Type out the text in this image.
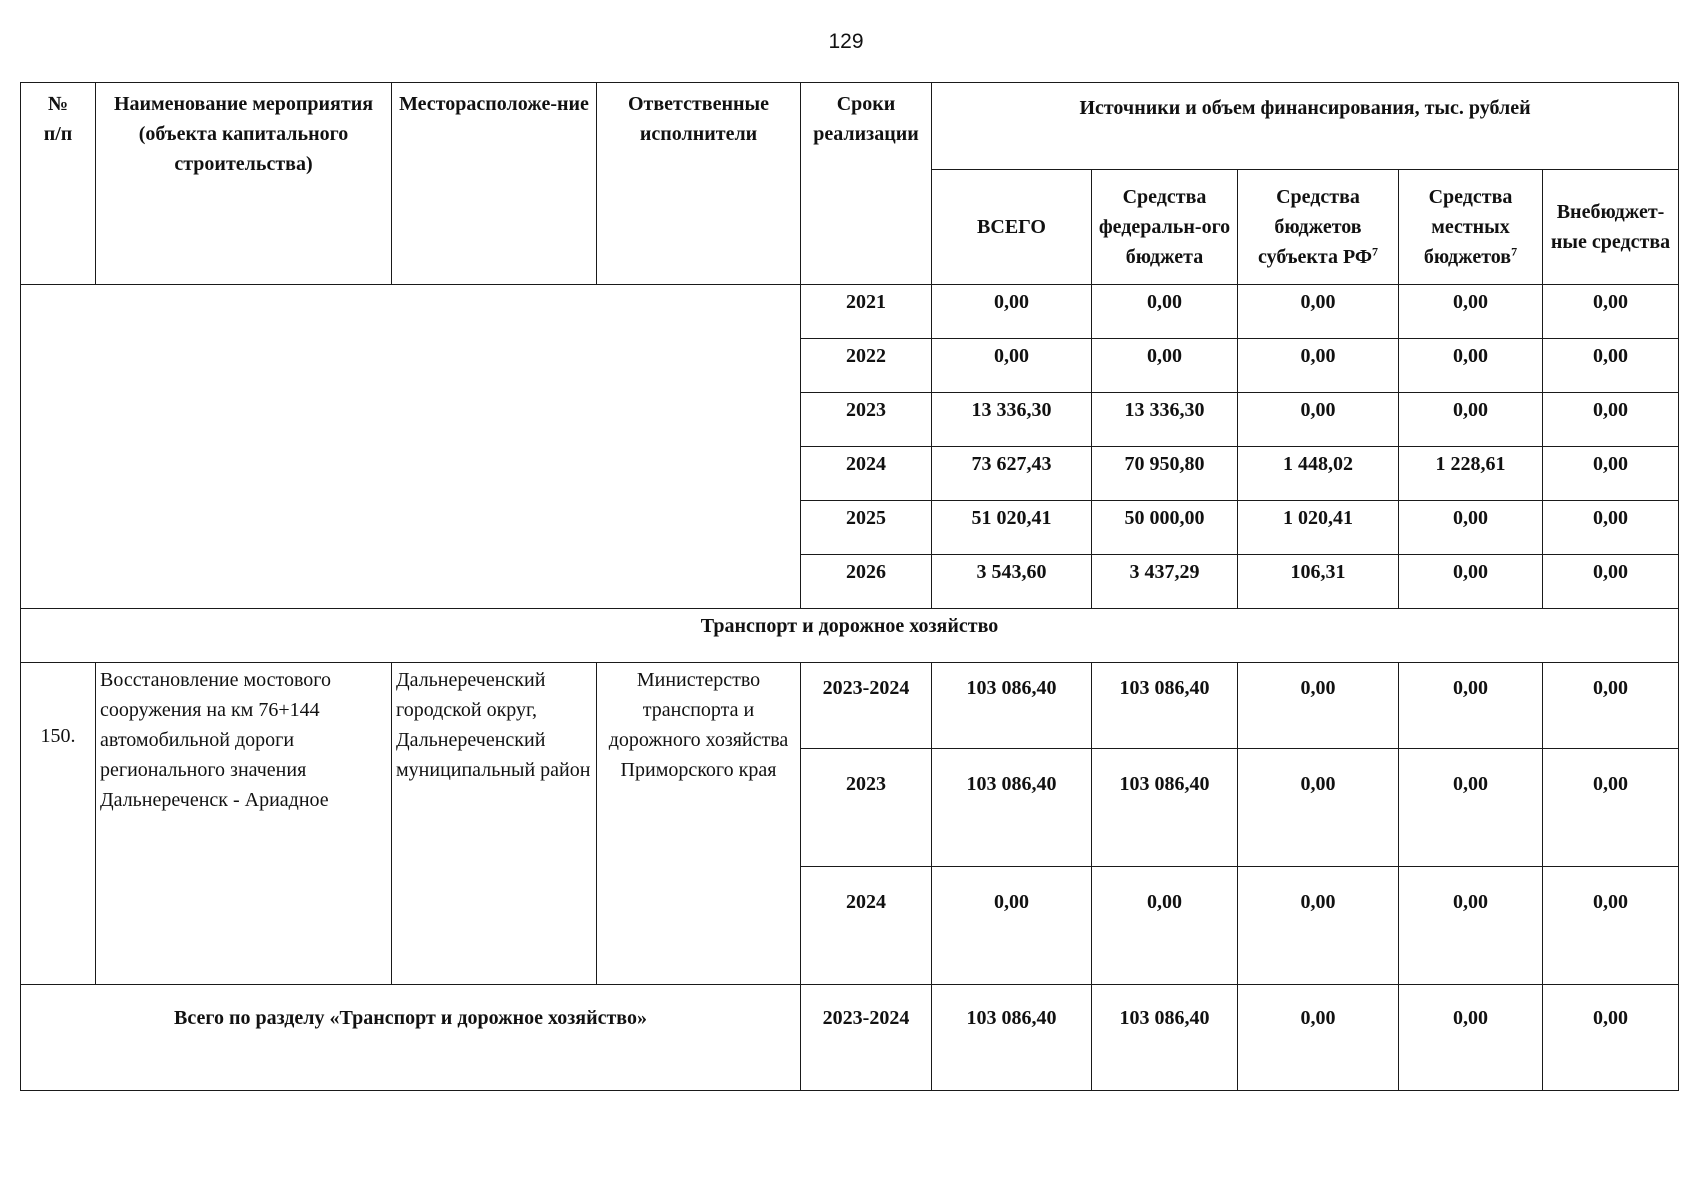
129
№
п/п	Наименование мероприятия (объекта капитального строительства)	Месторасположе-ние	Ответственные исполнители	Сроки реализации	Источники и объем финансирования, тыс. рублей				
					ВСЕГО	Средства федеральн-ого бюджета	Средства бюджетов субъекта $РФ^7$	Средства местных бюджетов$^7$	Внебюджет-ные средства
				2021	0,00	0,00	0,00	0,00	0,00
				2022	0,00	0,00	0,00	0,00	0,00
				2023	13 336,30	13 336,30	0,00	0,00	0,00
				2024	73 627,43	70 950,80	1 448,02	1 228,61	0,00
				2025	51 020,41	50 000,00	1 020,41	0,00	0,00
				2026	3 543,60	3 437,29	106,31	0,00	0,00
Транспорт и дорожное хозяйство									
150.	Восстановление мостового сооружения на км 76+144 автомобильной дороги регионального значения Дальнереченск - Ариадное	Дальнереченский городской округ, Дальнереченский муниципальный район	Министерство транспорта и дорожного хозяйства Приморского края	2023-2024	103 086,40	103 086,40	0,00	0,00	0,00
				2023	103 086,40	103 086,40	0,00	0,00	0,00
				2024	0,00	0,00	0,00	0,00	0,00
Всего по разделу «Транспорт и дорожное хозяйство»				2023-2024	103 086,40	103 086,40	0,00	0,00	0,00
